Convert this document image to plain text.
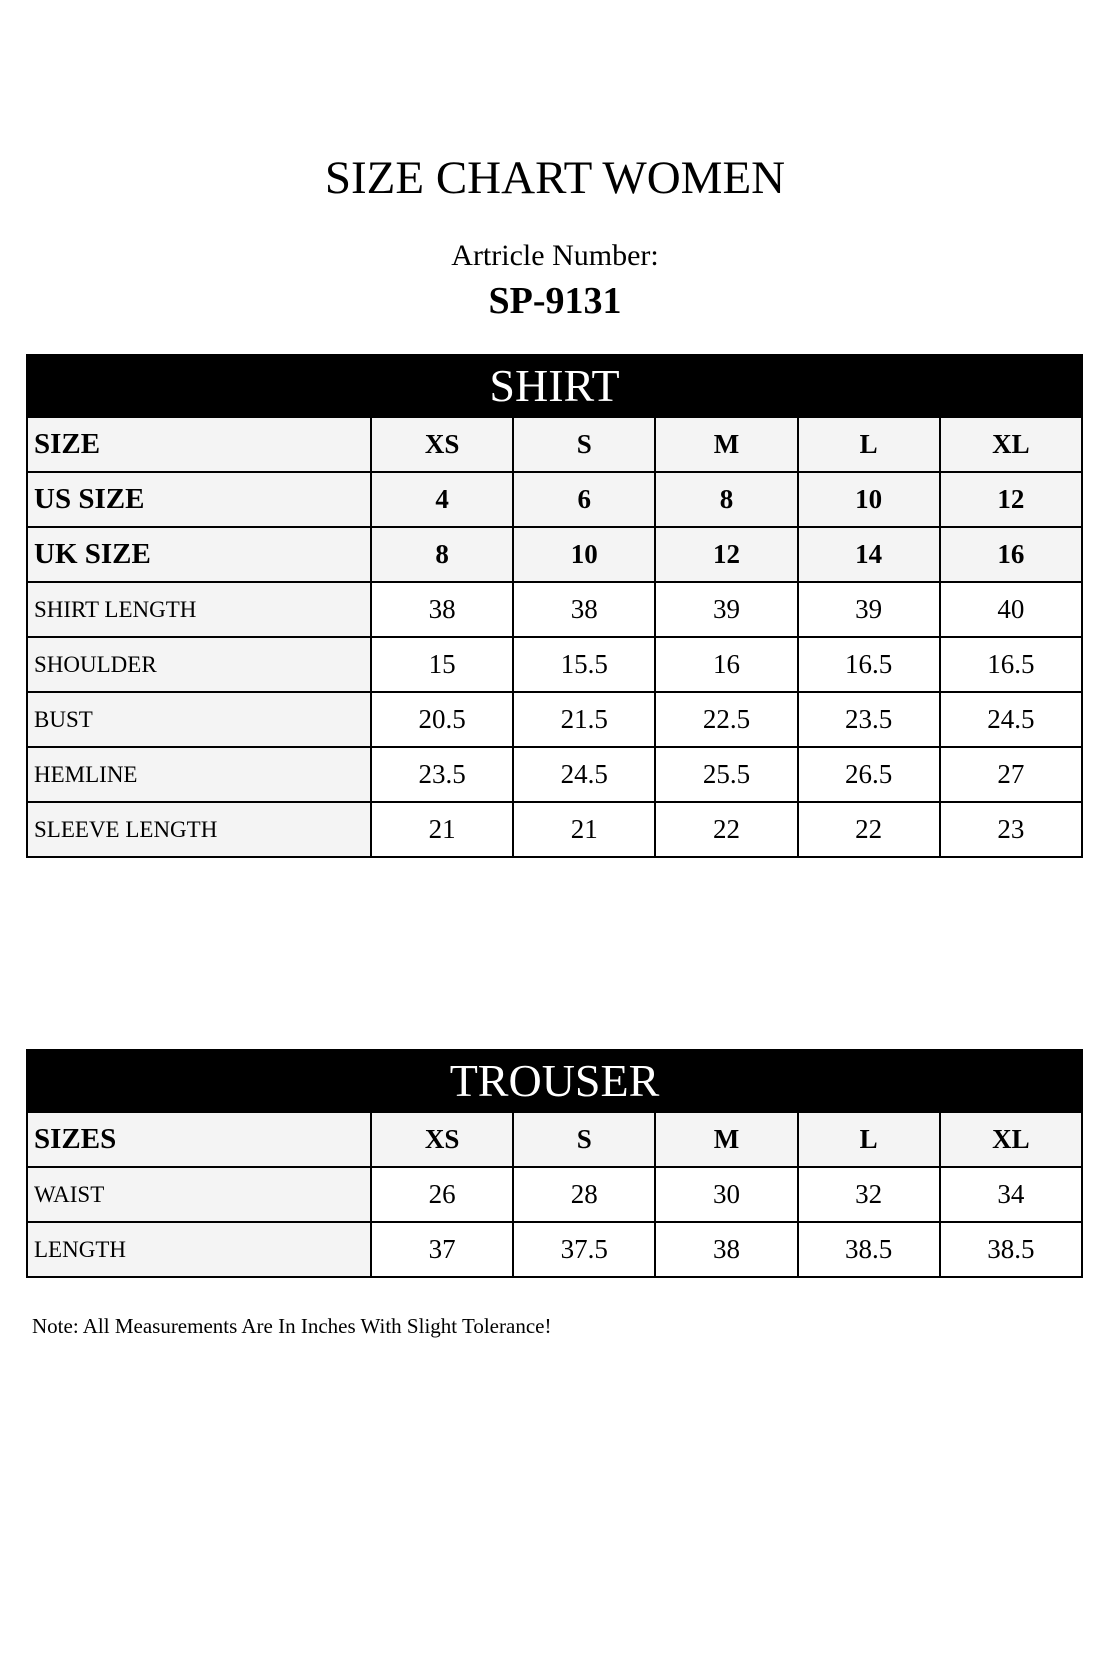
SIZE CHART WOMEN
Artricle Number:
SP-9131
SHIRT
SIZE	XS	S	M	L	XL
US SIZE	4	6	8	10	12
UK SIZE	8	10	12	14	16
SHIRT LENGTH	38	38	39	39	40
SHOULDER	15	15.5	16	16.5	16.5
BUST	20.5	21.5	22.5	23.5	24.5
HEMLINE	23.5	24.5	25.5	26.5	27
SLEEVE LENGTH	21	21	22	22	23
TROUSER
SIZES	XS	S	M	L	XL
WAIST	26	28	30	32	34
LENGTH	37	37.5	38	38.5	38.5
Note: All Measurements Are In Inches With Slight Tolerance!
